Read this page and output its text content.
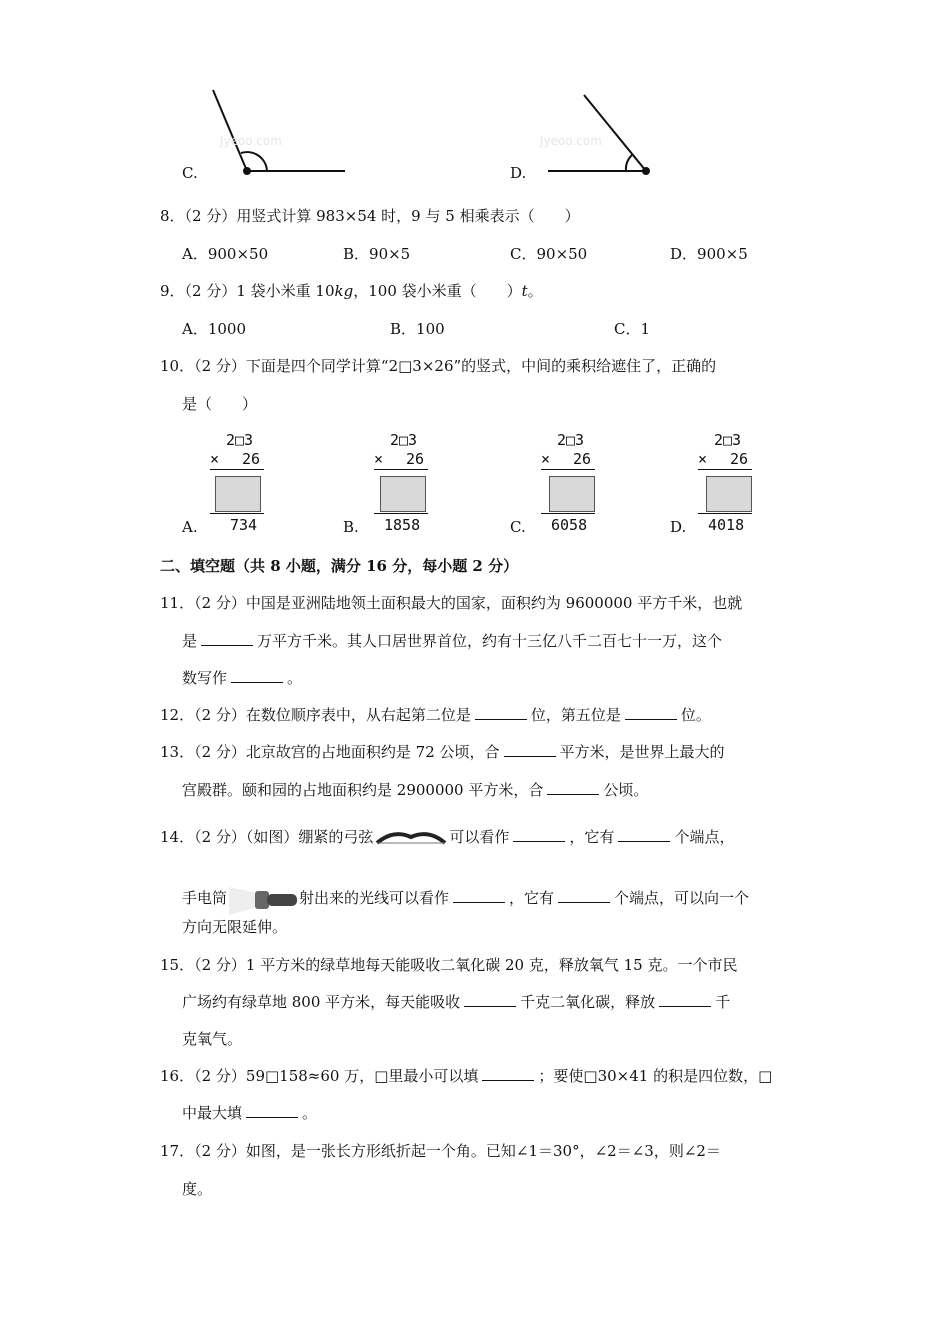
Jyeoo.com
C.
Jyeoo.com
D.
8．（2 分）用竖式计算 983×54 时，9 与 5 相乘表示（　　）
A．900×50	B．90×5	C．90×50	D．900×5
9．（2 分）1 袋小米重 10kg，100 袋小米重（　　）t。
A．1000	B．100	C．1
10．（2 分）下面是四个同学计算“2□3×26”的竖式，中间的乘积给遮住了，正确的
是（　　）
2□3
× 26
734
A.
2□3
× 26
1858
B.
2□3
× 26
6058
C.
2□3
× 26
4018
D.
二、填空题（共 8 小题，满分 16 分，每小题 2 分）
11．（2 分）中国是亚洲陆地领土面积最大的国家，面积约为 9600000 平方千米，也就
是	万平方千米。其人口居世界首位，约有十三亿八千二百七十一万，这个
数写作	。
12．（2 分）在数位顺序表中，从右起第二位是	位，第五位是	位。
13．（2 分）北京故宫的占地面积约是 72 公顷，合	平方米，是世界上最大的
宫殿群。颐和园的占地面积约是 2900000 平方米，合	公顷。
14．（2 分）（如图）绷紧的弓弦	可以看作	，它有	个端点，
手电筒	射出来的光线可以看作	，它有	个端点，可以向一个
方向无限延伸。
15．（2 分）1 平方米的绿草地每天能吸收二氧化碳 20 克，释放氧气 15 克。一个市民
广场约有绿草地 800 平方米，每天能吸收	千克二氧化碳，释放	千
克氧气。
16．（2 分）59□158≈60 万，□里最小可以填	；要使□30×41 的积是四位数，□
中最大填	。
17．（2 分）如图，是一张长方形纸折起一个角。已知∠1＝30°，∠2＝∠3，则∠2＝
度。
